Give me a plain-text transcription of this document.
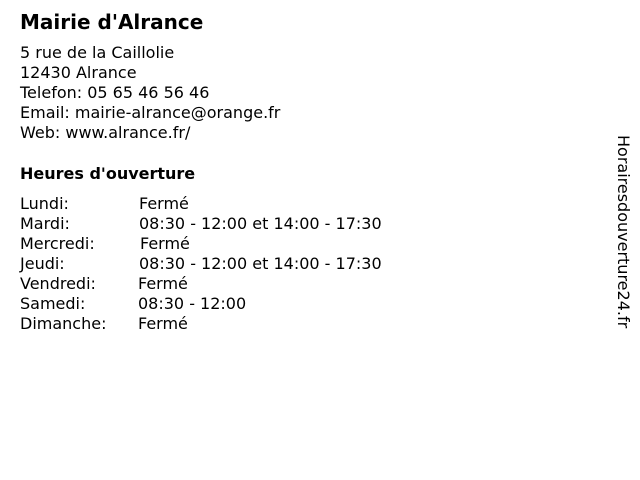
Mairie d'Alrance
5 rue de la Caillolie
12430 Alrance
Telefon: 05 65 46 56 46
Email: mairie-alrance@orange.fr
Web: www.alrance.fr/
Heures d'ouverture
Lundi:	Fermé
Mardi:	08:30 - 12:00 et 14:00 - 17:30
Mercredi:	Fermé
Jeudi:	08:30 - 12:00 et 14:00 - 17:30
Vendredi:	Fermé
Samedi:	08:30 - 12:00
Dimanche: Fermé	Horairesdouverture24.fr
